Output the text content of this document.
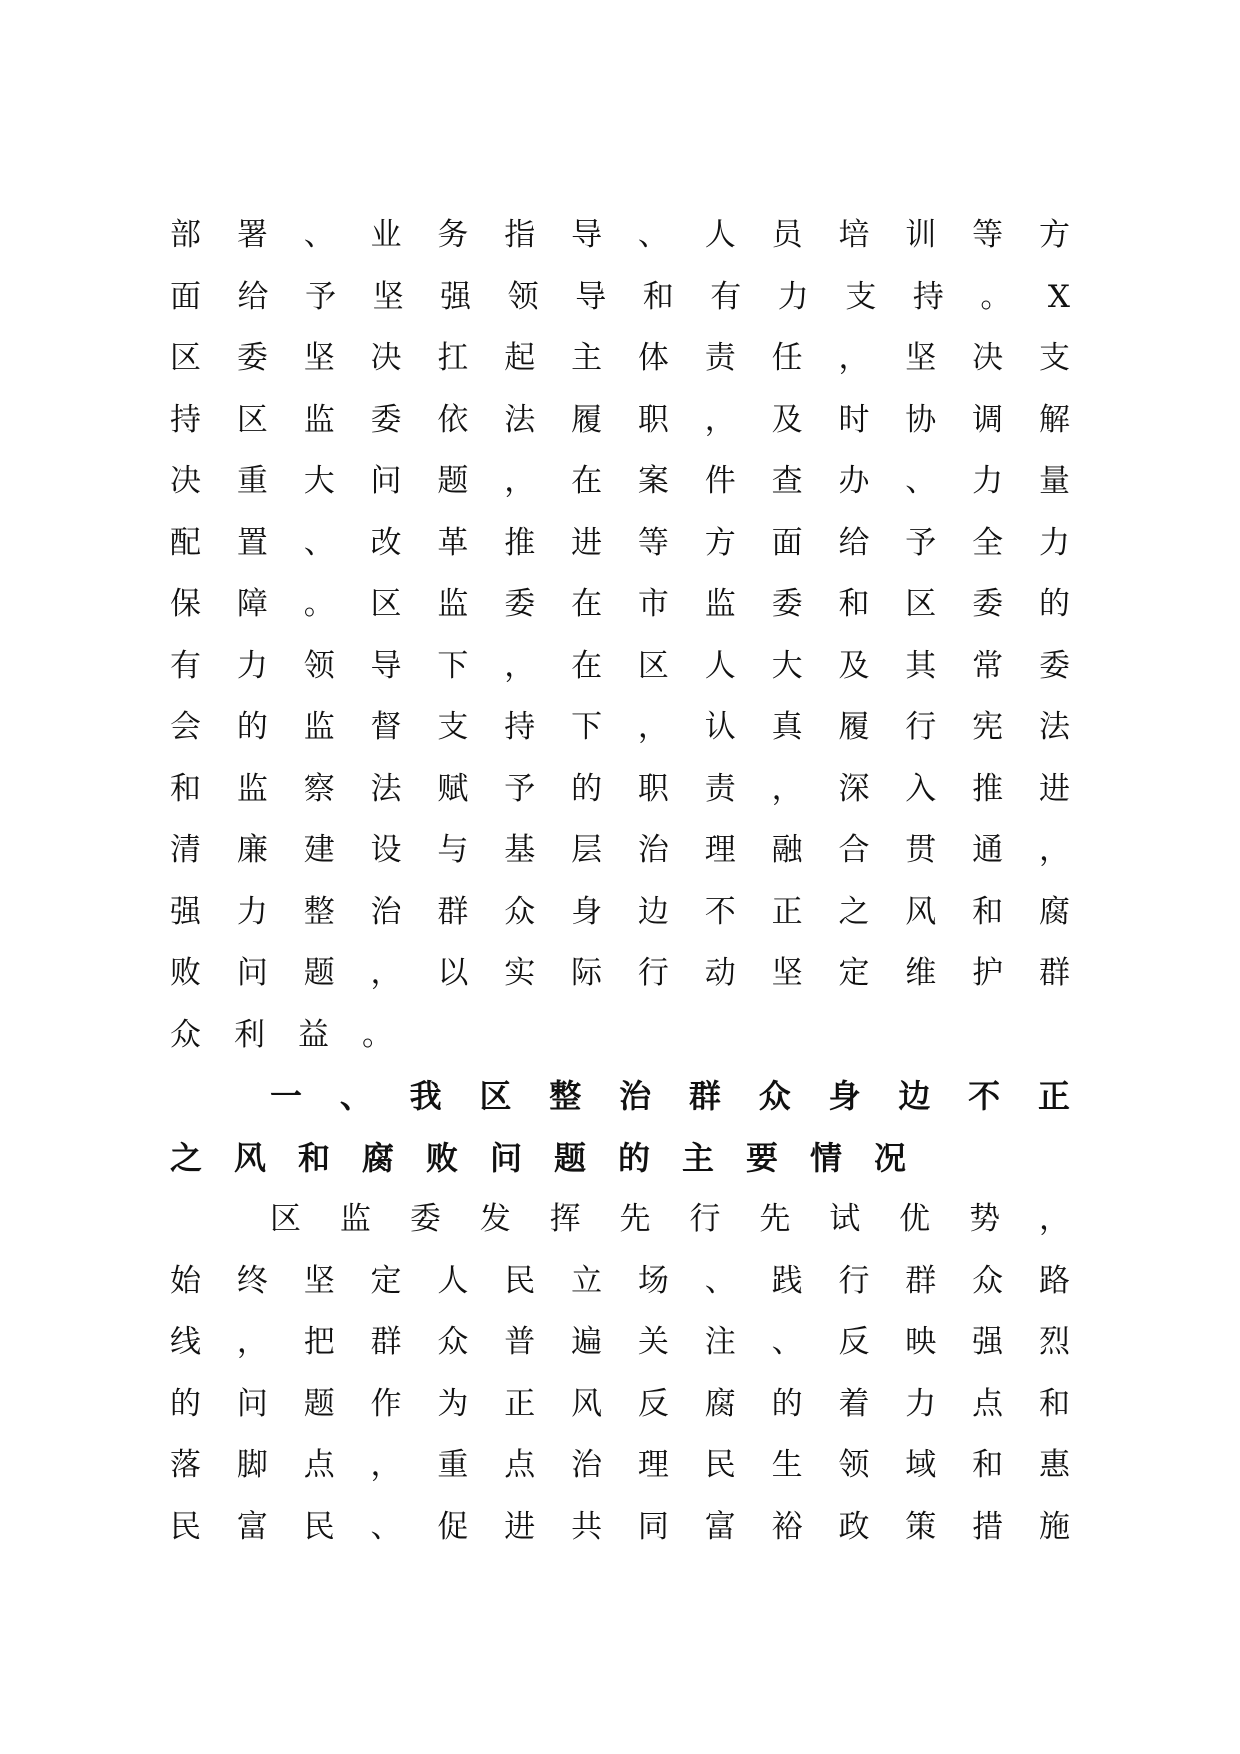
部 署 、 业 务 指 导 、 人 员 培 训 等 方
面 给 予 坚 强 领 导 和 有 力 支 持 。 X
区 委 坚 决 扛 起 主 体 责 任 ， 坚 决 支
持 区 监 委 依 法 履 职 ， 及 时 协 调 解
决 重 大 问 题 ， 在 案 件 查 办 、 力 量
配 置 、 改 革 推 进 等 方 面 给 予 全 力
保 障 。 区 监 委 在 市 监 委 和 区 委 的
有 力 领 导 下 ， 在 区 人 大 及 其 常 委
会 的 监 督 支 持 下 ， 认 真 履 行 宪 法
和 监 察 法 赋 予 的 职 责 ， 深 入 推 进
清 廉 建 设 与 基 层 治 理 融 合 贯 通 ，
强 力 整 治 群 众 身 边 不 正 之 风 和 腐
败 问 题 ， 以 实 际 行 动 坚 定 维 护 群
众利益。
一 、 我 区 整 治 群 众 身 边 不 正
之风和腐败问题的主要情况
区 监 委 发 挥 先 行 先 试 优 势 ，
始 终 坚 定 人 民 立 场 、 践 行 群 众 路
线 ， 把 群 众 普 遍 关 注 、 反 映 强 烈
的 问 题 作 为 正 风 反 腐 的 着 力 点 和
落 脚 点 ， 重 点 治 理 民 生 领 域 和 惠
民 富 民 、 促 进 共 同 富 裕 政 策 措 施
